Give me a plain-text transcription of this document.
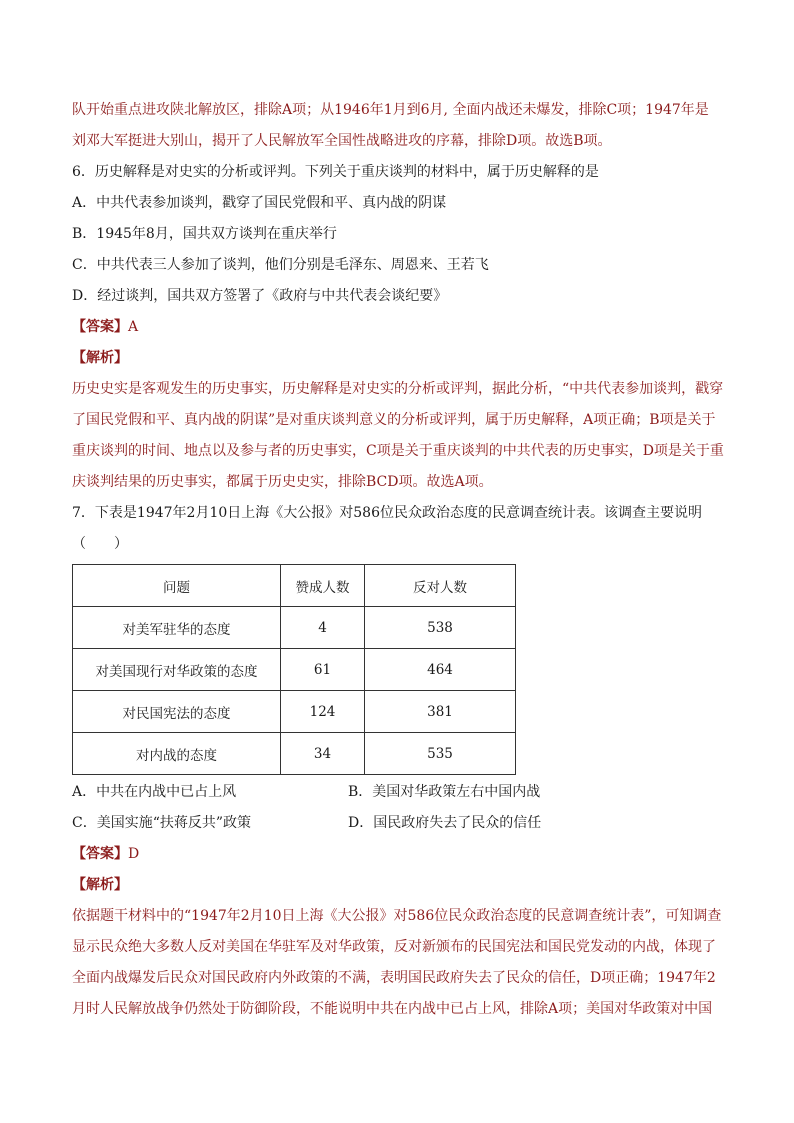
队开始重点进攻陕北解放区，排除A项；从1946年1月到6月, 全面内战还未爆发，排除C项；1947年是
刘邓大军挺进大别山，揭开了人民解放军全国性战略进攻的序幕，排除D项。故选B项。
6．历史解释是对史实的分析或评判。下列关于重庆谈判的材料中，属于历史解释的是
A．中共代表参加谈判，戳穿了国民党假和平、真内战的阴谋
B．1945年8月，国共双方谈判在重庆举行
C．中共代表三人参加了谈判，他们分别是毛泽东、周恩来、王若飞
D．经过谈判，国共双方签署了《政府与中共代表会谈纪要》
【答案】A
【解析】
历史史实是客观发生的历史事实，历史解释是对史实的分析或评判，据此分析，“中共代表参加谈判，戳穿
了国民党假和平、真内战的阴谋”是对重庆谈判意义的分析或评判，属于历史解释，A项正确；B项是关于
重庆谈判的时间、地点以及参与者的历史事实，C项是关于重庆谈判的中共代表的历史事实，D项是关于重
庆谈判结果的历史事实，都属于历史史实，排除BCD项。故选A项。
7．下表是1947年2月10日上海《大公报》对586位民众政治态度的民意调查统计表。该调查主要说明
（　　）
问题	赞成人数	反对人数
对美军驻华的态度	4	538
对美国现行对华政策的态度	61	464
对民国宪法的态度	124	381
对内战的态度	34	535
A．中共在内战中已占上风	B．美国对华政策左右中国内战
C．美国实施“扶蒋反共”政策	D．国民政府失去了民众的信任
【答案】D
【解析】
依据题干材料中的“1947年2月10日上海《大公报》对586位民众政治态度的民意调查统计表”，可知调查
显示民众绝大多数人反对美国在华驻军及对华政策，反对新颁布的民国宪法和国民党发动的内战，体现了
全面内战爆发后民众对国民政府内外政策的不满，表明国民政府失去了民众的信任，D项正确；1947年2
月时人民解放战争仍然处于防御阶段，不能说明中共在内战中已占上风，排除A项；美国对华政策对中国
